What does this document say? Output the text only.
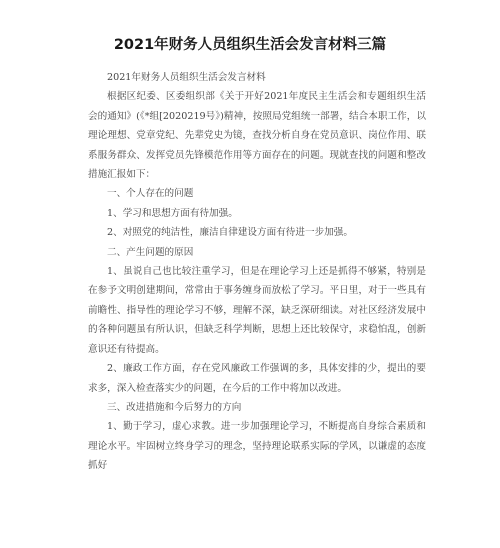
2021年财务人员组织生活会发言材料三篇

2021年财务人员组织生活会发言材料

根据区纪委、区委组织部《关于开好2021年度民主生活会和专题组织生活会的通知》(《*组[2020219号》)精神，按照局党组统一部署，结合本职工作，以理论理想、党章党纪、先辈党史为镜，查找分析自身在党员意识、岗位作用、联系服务群众、发挥党员先锋模范作用等方面存在的问题。现就查找的问题和整改措施汇报如下：

一、个人存在的问题

1、学习和思想方面有待加强。

2、对照党的纯洁性，廉洁自律建设方面有待进一步加强。

二、产生问题的原因

1、虽说自己也比较注重学习，但是在理论学习上还是抓得不够紧，特别是在参予文明创建期间，常常由于事务缠身而放松了学习。平日里，对于一些具有前瞻性、指导性的理论学习不够，理解不深，缺乏深研细读。对社区经济发展中的各种问题虽有所认识，但缺乏科学判断，思想上还比较保守，求稳怕乱，创新意识还有待提高。

2、廉政工作方面，存在党风廉政工作强调的多，具体安排的少，提出的要求多，深入检查落实少的问题，在今后的工作中将加以改进。

三、改进措施和今后努力的方向

1、勤于学习，虚心求教。进一步加强理论学习，不断提高自身综合素质和理论水平。牢固树立终身学习的理念，坚持理论联系实际的学风，以谦虚的态度抓好
